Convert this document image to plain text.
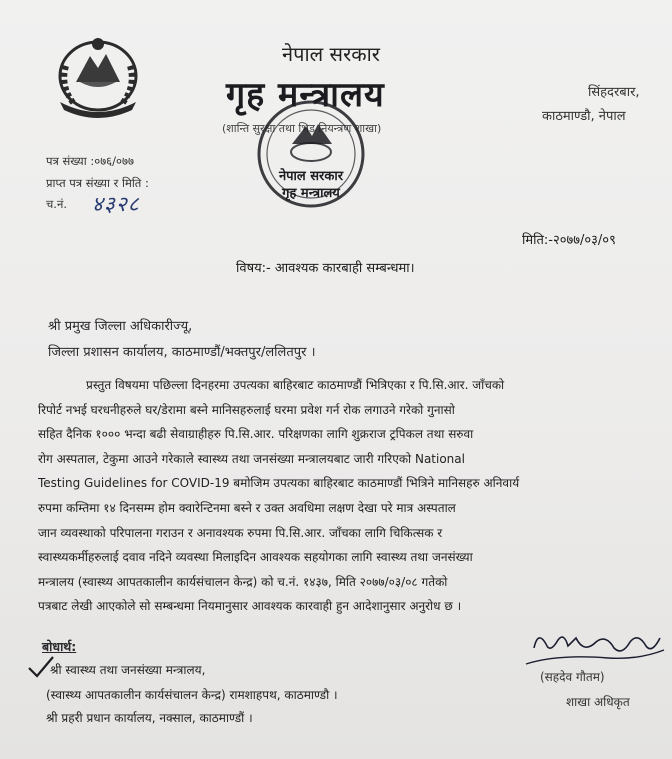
नेपाल सरकार
गृह मन्त्रालय
(शान्ति सुरक्षा तथा भिड नियन्त्रण शाखा)
सिंहदरबार,
काठमाण्डौ, नेपाल
नेपाल सरकार
गृह मन्त्रालय
पत्र संख्या :०७६/०७७
प्राप्त पत्र संख्या र मिति :
च.नं. ४३२८
मिति:-२०७७/०३/०९
विषय:- आवश्यक कारबाही सम्बन्धमा।
श्री प्रमुख जिल्ला अधिकारीज्यू,
जिल्ला प्रशासन कार्यालय, काठमाण्डौं/भक्तपुर/ललितपुर ।
प्रस्तुत विषयमा पछिल्ला दिनहरमा उपत्यका बाहिरबाट काठमाण्डौं भित्रिएका र पि.सि.आर. जाँचको
रिपोर्ट नभई घरधनीहरुले घर/डेरामा बस्ने मानिसहरुलाई घरमा प्रवेश गर्न रोक लगाउने गरेको गुनासो
सहित दैनिक १००० भन्दा बढी सेवाग्राहीहरु पि.सि.आर. परिक्षणका लागि शुक्रराज ट्रपिकल तथा सरुवा
रोग अस्पताल, टेकुमा आउने गरेकाले स्वास्थ्य तथा जनसंख्या मन्त्रालयबाट जारी गरिएको National
Testing Guidelines for COVID-19 बमोजिम उपत्यका बाहिरबाट काठमाण्डौं भित्रिने मानिसहरु अनिवार्य
रुपमा कम्तिमा १४ दिनसम्म होम क्वारेन्टिनमा बस्ने र उक्त अवधिमा लक्षण देखा परे मात्र अस्पताल
जान व्यवस्थाको परिपालना गराउन र अनावश्यक रुपमा पि.सि.आर. जाँचका लागि चिकित्सक र
स्वास्थ्यकर्मीहरुलाई दवाव नदिने व्यवस्था मिलाइदिन आवश्यक सहयोगका लागि स्वास्थ्य तथा जनसंख्या
मन्त्रालय (स्वास्थ्य आपतकालीन कार्यसंचालन केन्द्र) को च.नं. १४३७, मिति २०७७/०३/०८ गतेको
पत्रबाट लेखी आएकोले सो सम्बन्धमा नियमानुसार आवश्यक कारवाही हुन आदेशानुसार अनुरोध छ ।
बोधार्थ:
श्री स्वास्थ्य तथा जनसंख्या मन्त्रालय,
(स्वास्थ्य आपतकालीन कार्यसंचालन केन्द्र) रामशाहपथ, काठमाण्डौ ।
श्री प्रहरी प्रधान कार्यालय, नक्साल, काठमाण्डौं ।
(सहदेव गौतम)
शाखा अधिकृत
